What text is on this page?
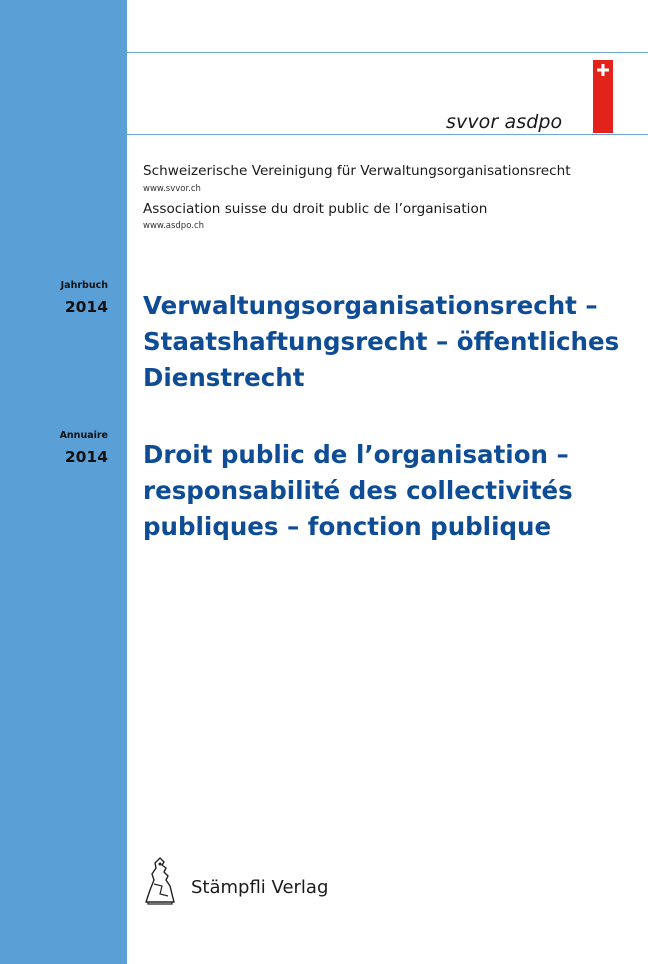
svvor asdpo
Schweizerische Vereinigung für Verwaltungsorganisationsrecht
www.svvor.ch
Association suisse du droit public de l’organisation
www.asdpo.ch
Jahrbuch
2014 Verwaltungsorganisationsrecht –
Staatshaftungsrecht – öffentliches
Dienstrecht
Annuaire
2014 Droit public de l’organisation –
responsabilité des collectivités
publiques – fonction publique
Stämpfli Verlag
